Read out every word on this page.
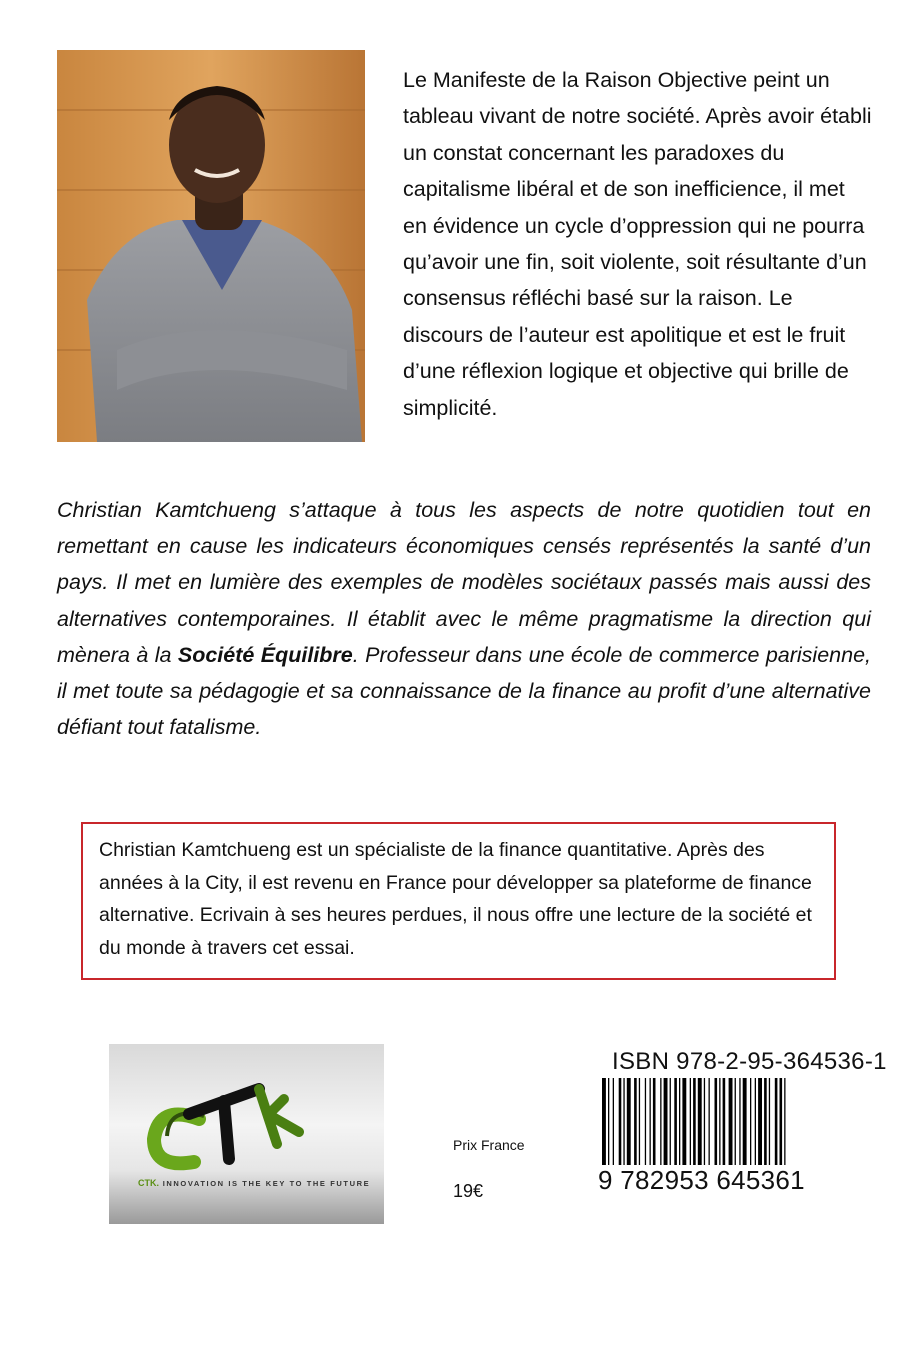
Le Manifeste de la Raison Objective peint un tableau vivant de notre société. Après avoir établi un constat concernant les paradoxes du capitalisme libéral et de son inefficience, il met en évidence un cycle d’oppression qui ne pourra qu’avoir une fin, soit violente, soit résultante d’un consensus réfléchi basé sur la raison. Le discours de l’auteur est apolitique et est le fruit d’une réflexion logique et objective qui brille de simplicité.

Christian Kamtchueng s’attaque à tous les aspects de notre quotidien tout en remettant en cause les indicateurs économiques censés représentés la santé d’un pays. Il met en lumière des exemples de modèles sociétaux passés mais aussi des alternatives contemporaines. Il établit avec le même pragmatisme la direction qui mènera à la Société Équilibre. Professeur dans une école de commerce parisienne, il met toute sa pédagogie et sa connaissance de la finance au profit d’une alternative défiant tout fatalisme.

Christian Kamtchueng est un spécialiste de la finance quantitative. Après des années à la City, il est revenu en France pour développer sa plateforme de finance alternative. Ecrivain à ses heures perdues, il nous offre une lecture de la société et du monde à travers cet essai.

CTK. INNOVATION IS THE KEY TO THE FUTURE
Prix France
19€
ISBN 978-2-95-364536-1
9 782953 645361
